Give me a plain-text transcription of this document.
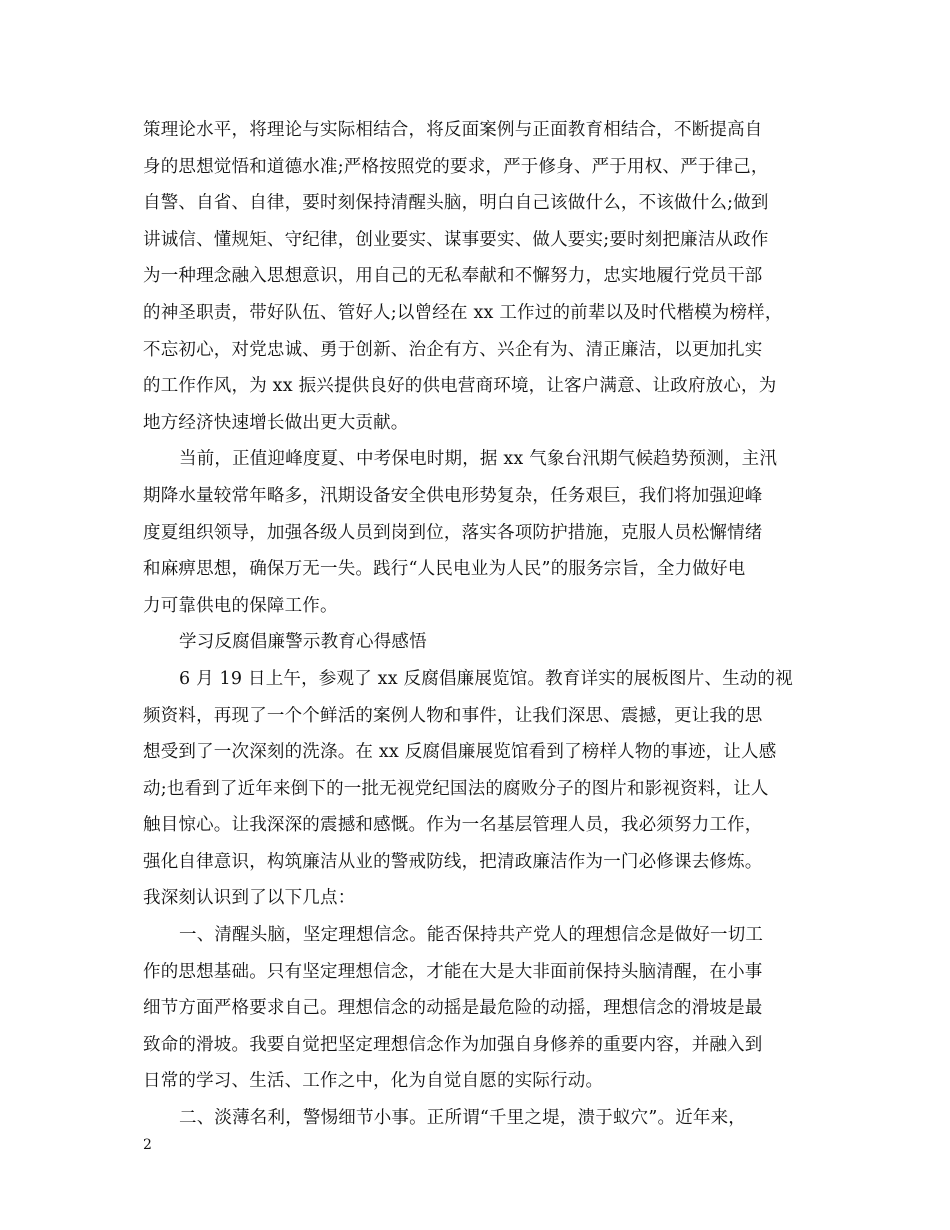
策理论水平，将理论与实际相结合，将反面案例与正面教育相结合，不断提高自
身的思想觉悟和道德水准;严格按照党的要求，严于修身、严于用权、严于律己，
自警、自省、自律，要时刻保持清醒头脑，明白自己该做什么，不该做什么;做到
讲诚信、懂规矩、守纪律，创业要实、谋事要实、做人要实;要时刻把廉洁从政作
为一种理念融入思想意识，用自己的无私奉献和不懈努力，忠实地履行党员干部
的神圣职责，带好队伍、管好人;以曾经在 xx 工作过的前辈以及时代楷模为榜样，
不忘初心，对党忠诚、勇于创新、治企有方、兴企有为、清正廉洁，以更加扎实
的工作作风，为 xx 振兴提供良好的供电营商环境，让客户满意、让政府放心，为
地方经济快速增长做出更大贡献。
当前，正值迎峰度夏、中考保电时期，据 xx 气象台汛期气候趋势预测，主汛
期降水量较常年略多，汛期设备安全供电形势复杂，任务艰巨，我们将加强迎峰
度夏组织领导，加强各级人员到岗到位，落实各项防护措施，克服人员松懈情绪
和麻痹思想，确保万无一失。践行“人民电业为人民”的服务宗旨，全力做好电
力可靠供电的保障工作。
学习反腐倡廉警示教育心得感悟
6 月 19 日上午，参观了 xx 反腐倡廉展览馆。教育详实的展板图片、生动的视
频资料，再现了一个个鲜活的案例人物和事件，让我们深思、震撼，更让我的思
想受到了一次深刻的洗涤。在 xx 反腐倡廉展览馆看到了榜样人物的事迹，让人感
动;也看到了近年来倒下的一批无视党纪国法的腐败分子的图片和影视资料，让人
触目惊心。让我深深的震撼和感慨。作为一名基层管理人员，我必须努力工作，
强化自律意识，构筑廉洁从业的警戒防线，把清政廉洁作为一门必修课去修炼。
我深刻认识到了以下几点：
一、清醒头脑，坚定理想信念。能否保持共产党人的理想信念是做好一切工
作的思想基础。只有坚定理想信念，才能在大是大非面前保持头脑清醒，在小事
细节方面严格要求自己。理想信念的动摇是最危险的动摇，理想信念的滑坡是最
致命的滑坡。我要自觉把坚定理想信念作为加强自身修养的重要内容，并融入到
日常的学习、生活、工作之中，化为自觉自愿的实际行动。
二、淡薄名利，警惕细节小事。正所谓“千里之堤，溃于蚁穴”。近年来，
2
